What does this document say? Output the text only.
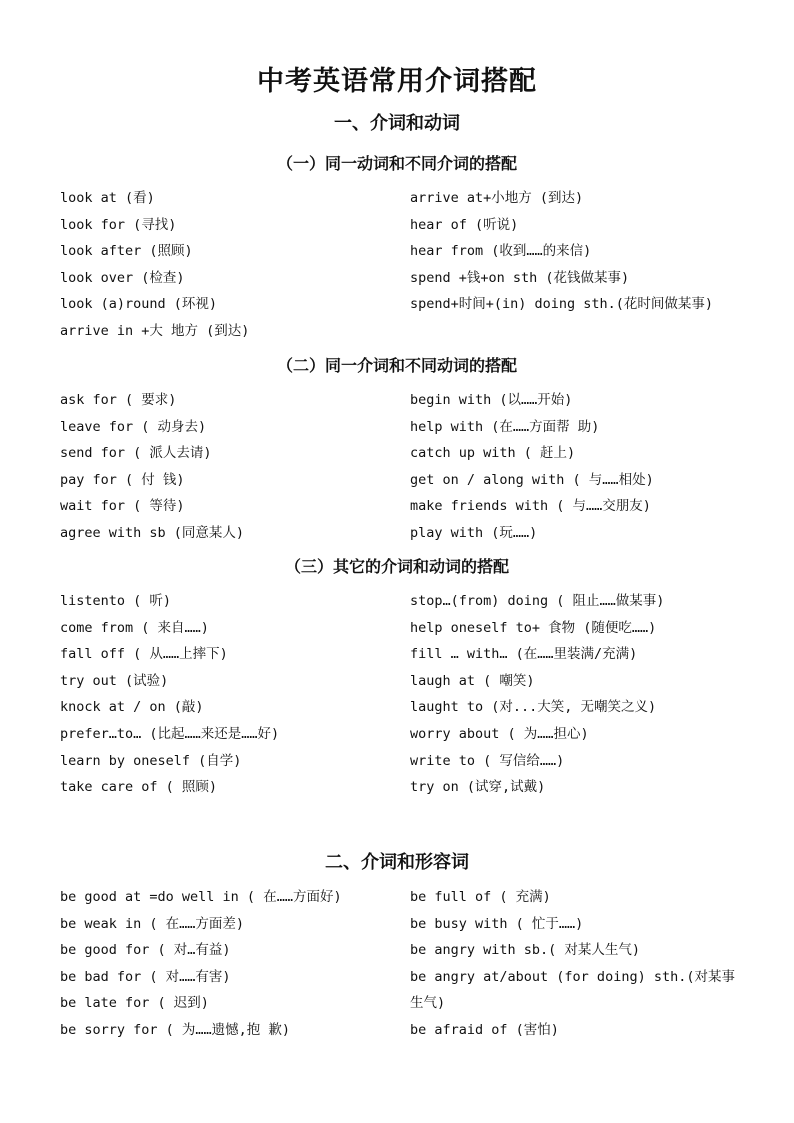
中考英语常用介词搭配
一、介词和动词
（一）同一动词和不同介词的搭配
look at (看)	arrive at+小地方 (到达)
look for (寻找)	hear of (听说)
look after (照顾)	hear from (收到……的来信)
look over (检查)	spend +钱+on sth (花钱做某事)
look (a)round (环视)	spend+时间+(in) doing sth.(花时间做某事)
arrive in +大 地方 (到达)
（二）同一介词和不同动词的搭配
ask for ( 要求)	begin with (以……开始)
leave for ( 动身去)	help with (在……方面帮 助)
send for ( 派人去请)	catch up with ( 赶上)
pay for ( 付 钱)	get on / along with ( 与……相处)
wait for ( 等待)	make friends with ( 与……交朋友)
agree with sb (同意某人)	play with (玩……)
（三）其它的介词和动词的搭配
listento ( 听)	stop…(from) doing ( 阻止……做某事)
come from ( 来自……)	help oneself to+ 食物 (随便吃……)
fall off ( 从……上摔下)	fill … with… (在……里装满/充满)
try out (试验)	laugh at ( 嘲笑)
knock at / on (敲)	laught to (对...大笑, 无嘲笑之义)
prefer…to… (比起……来还是……好)	worry about ( 为……担心)
learn by oneself (自学)	write to ( 写信给……)
take care of ( 照顾)	try on (试穿,试戴)
二、介词和形容词
be good at =do well in ( 在……方面好)	be full of ( 充满)
be weak in ( 在……方面差)	be busy with ( 忙于……)
be good for ( 对…有益)	be angry with sb.( 对某人生气)
be bad for ( 对……有害)	be angry at/about (for doing) sth.(对某事生气)
be late for ( 迟到)
be sorry for ( 为……遗憾,抱 歉)	be afraid of (害怕)
